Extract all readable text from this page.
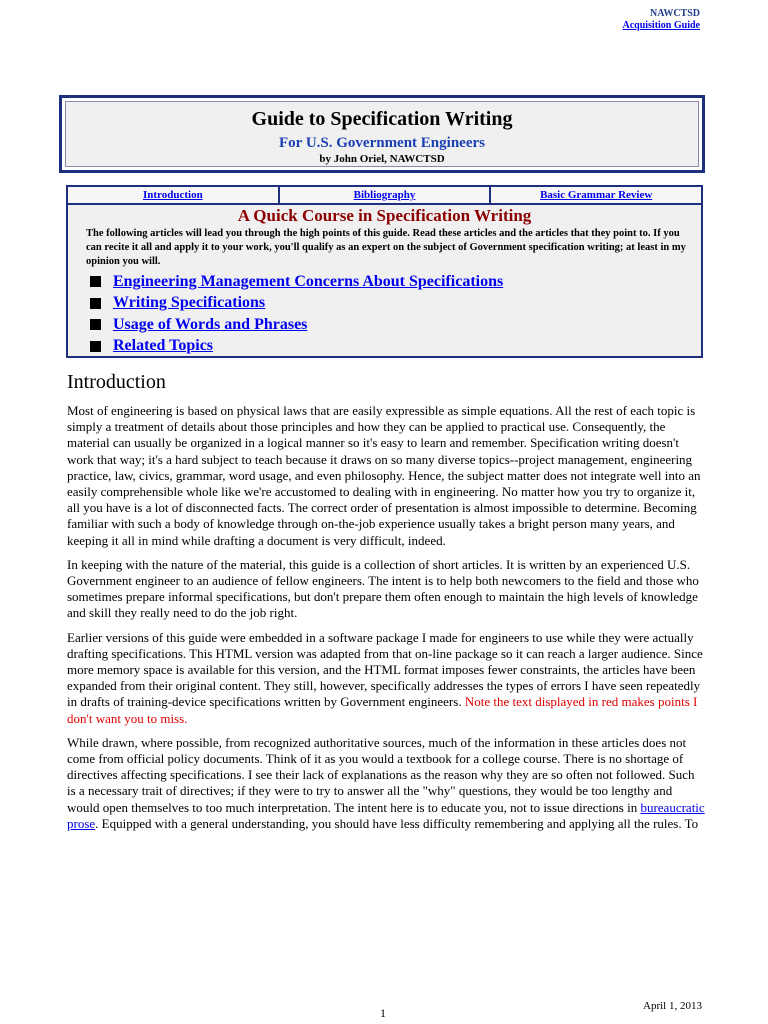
NAWCTSD
Acquisition Guide
Guide to Specification Writing
For U.S. Government Engineers
by John Oriel, NAWCTSD
Introduction	Bibliography	Basic Grammar Review
A Quick Course in Specification Writing
The following articles will lead you through the high points of this guide. Read these articles and the articles that they point to. If you can recite it all and apply it to your work, you'll qualify as an expert on the subject of Government specification writing; at least in my opinion you will.
Engineering Management Concerns About Specifications
Writing Specifications
Usage of Words and Phrases
Related Topics
Introduction

Most of engineering is based on physical laws that are easily expressible as simple equations. All the rest of each topic is simply a treatment of details about those principles and how they can be applied to practical use. Consequently, the material can usually be organized in a logical manner so it's easy to learn and remember. Specification writing doesn't work that way; it's a hard subject to teach because it draws on so many diverse topics--project management, engineering practice, law, civics, grammar, word usage, and even philosophy. Hence, the subject matter does not integrate well into an easily comprehensible whole like we're accustomed to dealing with in engineering. No matter how you try to organize it, all you have is a lot of disconnected facts. The correct order of presentation is almost impossible to determine. Becoming familiar with such a body of knowledge through on-the-job experience usually takes a bright person many years, and keeping it all in mind while drafting a document is very difficult, indeed.

In keeping with the nature of the material, this guide is a collection of short articles. It is written by an experienced U.S. Government engineer to an audience of fellow engineers. The intent is to help both newcomers to the field and those who sometimes prepare informal specifications, but don't prepare them often enough to maintain the high levels of knowledge and skill they really need to do the job right.

Earlier versions of this guide were embedded in a software package I made for engineers to use while they were actually drafting specifications. This HTML version was adapted from that on-line package so it can reach a larger audience. Since more memory space is available for this version, and the HTML format imposes fewer constraints, the articles have been expanded from their original content. They still, however, specifically addresses the types of errors I have seen repeatedly in drafts of training-device specifications written by Government engineers. Note the text displayed in red makes points I don't want you to miss.

While drawn, where possible, from recognized authoritative sources, much of the information in these articles does not come from official policy documents. Think of it as you would a textbook for a college course. There is no shortage of directives affecting specifications. I see their lack of explanations as the reason why they are so often not followed. Such is a necessary trait of directives; if they were to try to answer all the "why" questions, they would be too lengthy and would open themselves to too much interpretation. The intent here is to educate you, not to issue directions in bureaucratic prose. Equipped with a general understanding, you should have less difficulty remembering and applying all the rules. To

1	April 1, 2013
